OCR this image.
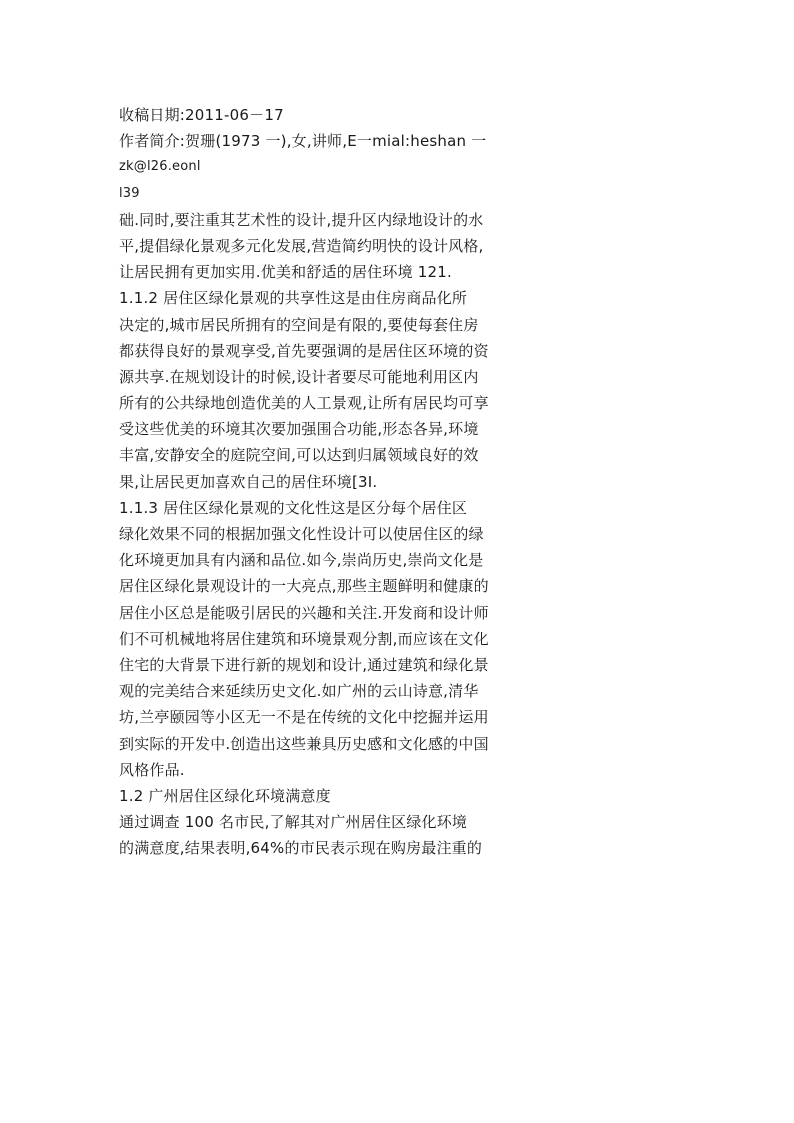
收稿日期:2011-06－17
作者简介:贺珊(1973 一),女,讲师,E一mial:heshan 一
zk@l26.eonl
l39
础.同时,要注重其艺术性的设计,提升区内绿地设计的水
平,提倡绿化景观多元化发展,营造简约明快的设计风格,
让居民拥有更加实用.优美和舒适的居住环境 121.
1.1.2 居住区绿化景观的共享性这是由住房商品化所
决定的,城市居民所拥有的空间是有限的,要使每套住房
都获得良好的景观享受,首先要强调的是居住区环境的资
源共享.在规划设计的时候,设计者要尽可能地利用区内
所有的公共绿地创造优美的人工景观,让所有居民均可享
受这些优美的环境其次要加强围合功能,形态各异,环境
丰富,安静安全的庭院空间,可以达到归属领域良好的效
果,让居民更加喜欢自己的居住环境[3I.
1.1.3 居住区绿化景观的文化性这是区分每个居住区
绿化效果不同的根据加强文化性设计可以使居住区的绿
化环境更加具有内涵和品位.如今,崇尚历史,崇尚文化是
居住区绿化景观设计的一大亮点,那些主题鲜明和健康的
居住小区总是能吸引居民的兴趣和关注.开发商和设计师
们不可机械地将居住建筑和环境景观分割,而应该在文化
住宅的大背景下进行新的规划和设计,通过建筑和绿化景
观的完美结合来延续历史文化.如广州的云山诗意,清华
坊,兰亭颐园等小区无一不是在传统的文化中挖掘并运用
到实际的开发中.创造出这些兼具历史感和文化感的中国
风格作品.
1.2 广州居住区绿化环境满意度
通过调查 100 名市民,了解其对广州居住区绿化环境
的满意度,结果表明,64%的市民表示现在购房最注重的
